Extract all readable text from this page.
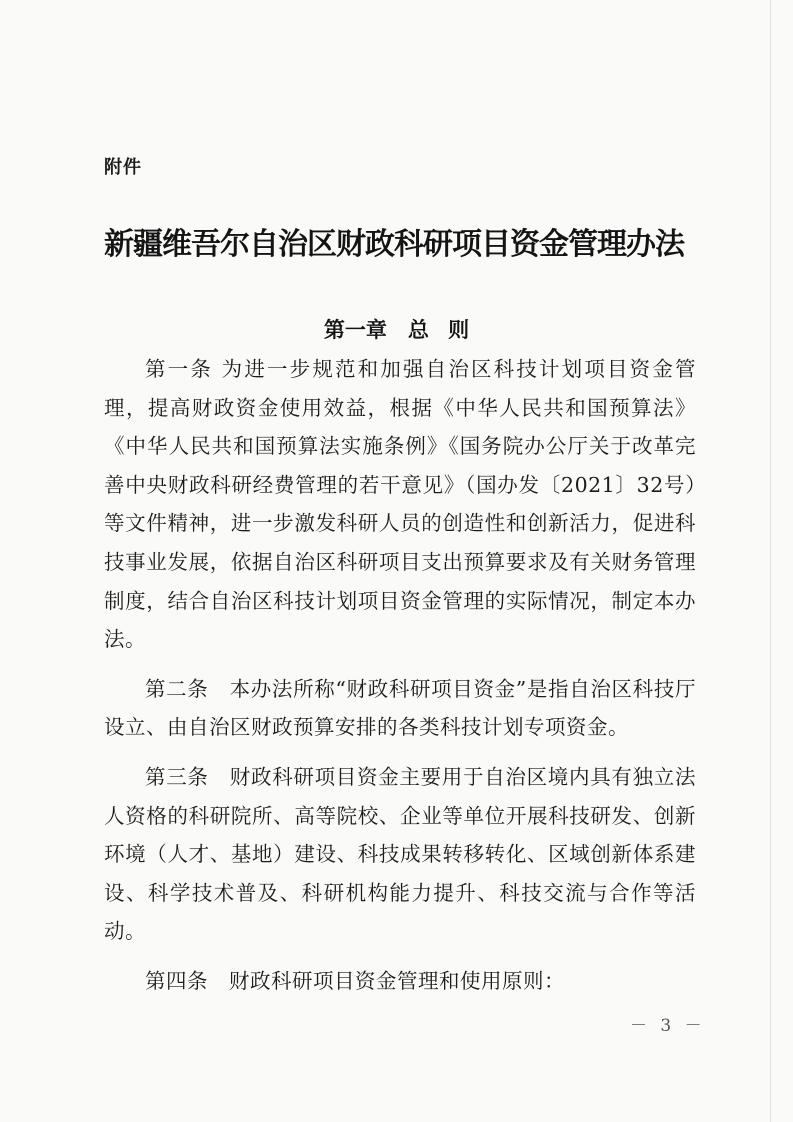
附件
新疆维吾尔自治区财政科研项目资金管理办法
第一章　总 则

第一条 为进一步规范和加强自治区科技计划项目资金管理，提高财政资金使用效益，根据《中华人民共和国预算法》《中华人民共和国预算法实施条例》《国务院办公厅关于改革完善中央财政科研经费管理的若干意见》（国办发〔2021〕32号）等文件精神，进一步激发科研人员的创造性和创新活力，促进科技事业发展，依据自治区科研项目支出预算要求及有关财务管理制度，结合自治区科技计划项目资金管理的实际情况，制定本办法。

第二条　本办法所称“财政科研项目资金”是指自治区科技厅设立、由自治区财政预算安排的各类科技计划专项资金。

第三条　财政科研项目资金主要用于自治区境内具有独立法人资格的科研院所、高等院校、企业等单位开展科技研发、创新环境（人才、基地）建设、科技成果转移转化、区域创新体系建设、科学技术普及、科研机构能力提升、科技交流与合作等活动。

第四条　财政科研项目资金管理和使用原则：

－ 3 －
